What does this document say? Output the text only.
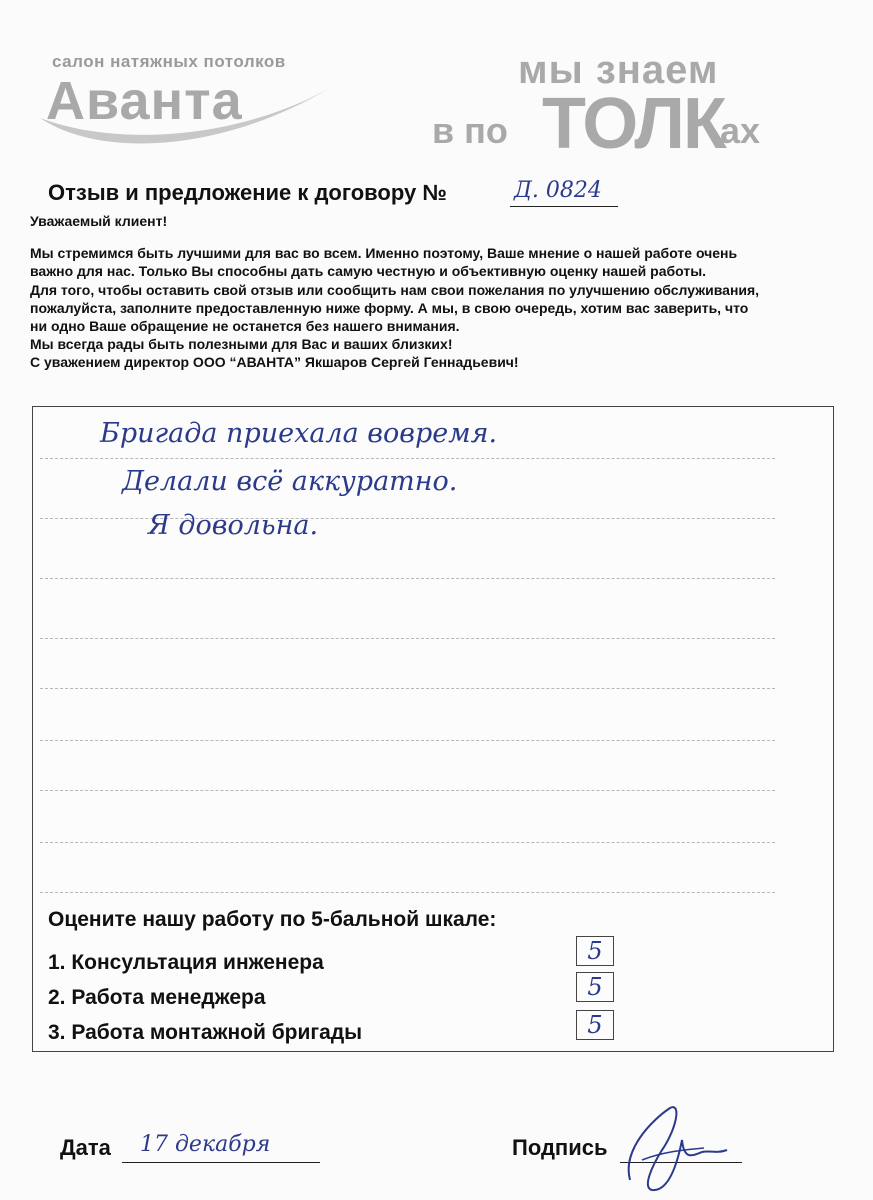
салон натяжных потолков
Аванта
мы знаем
в по ТОЛК
ах
Отзыв и предложение к договору №	Д. 0824
Уважаемый клиент!
Мы стремимся быть лучшими для вас во всем. Именно поэтому, Ваше мнение о нашей работе очень
важно для нас. Только Вы способны дать самую честную и объективную оценку нашей работы.
Для того, чтобы оставить свой отзыв или сообщить нам свои пожелания по улучшению обслуживания,
пожалуйста, заполните предоставленную ниже форму. А мы, в свою очередь, хотим вас заверить, что
ни одно Ваше обращение не останется без нашего внимания.
Мы всегда рады быть полезными для Вас и ваших близких!
С уважением директор ООО “АВАНТА” Якшаров Сергей Геннадьевич!
Бригада приехала вовремя.
Делали всё аккуратно.
Я довольна.
Оцените нашу работу по 5-бальной шкале:
1. Консультация инженера	5
2. Работа менеджера	5
3. Работа монтажной бригады	5
Дата	17 декабря	Подпись
